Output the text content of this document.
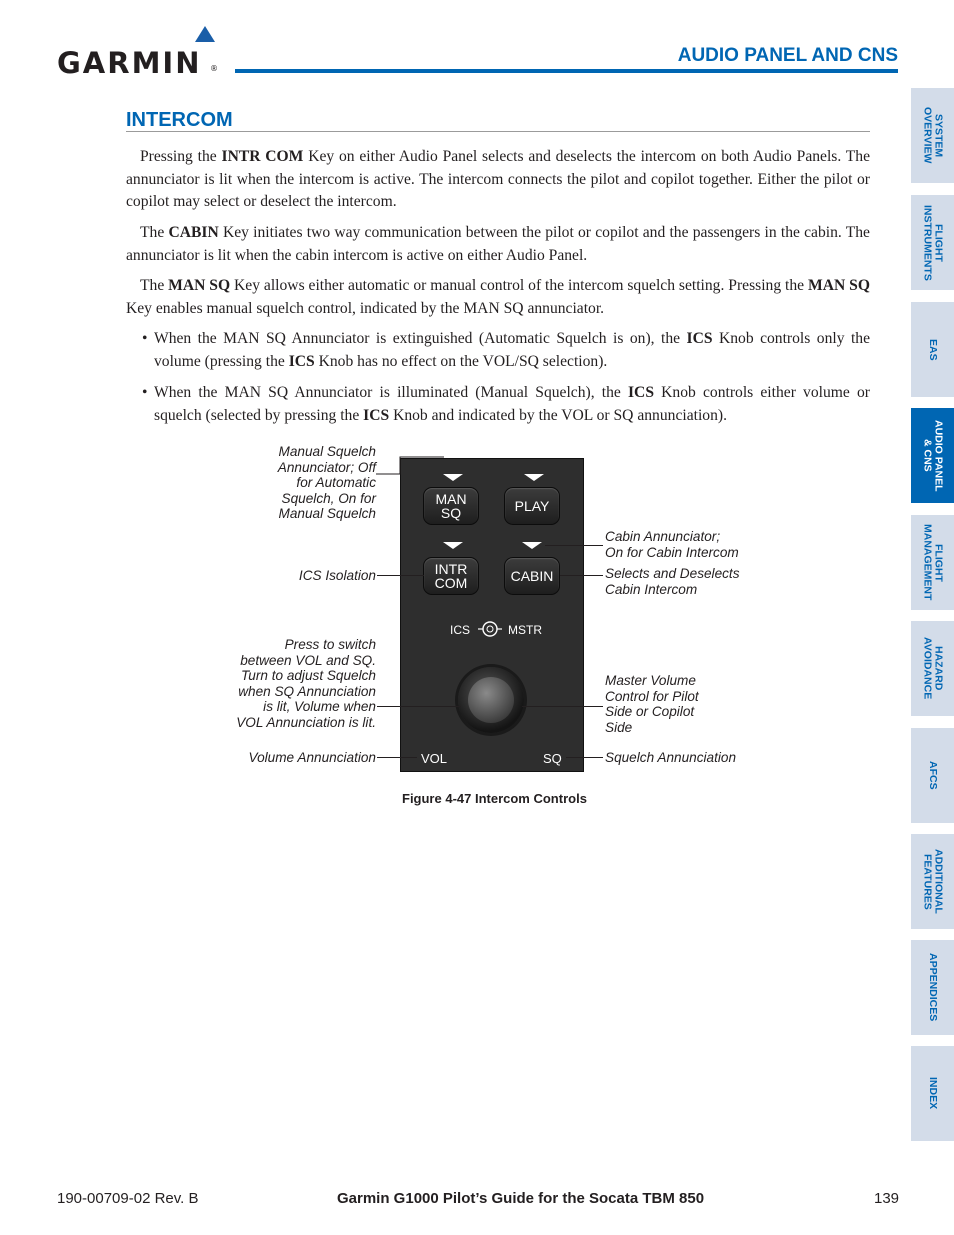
GARMIN ®
AUDIO PANEL AND CNS
INTERCOM
Pressing the INTR COM Key on either Audio Panel selects and deselects the intercom on both Audio Panels. The annunciator is lit when the intercom is active. The intercom connects the pilot and copilot together. Either the pilot or copilot may select or deselect the intercom.
The CABIN Key initiates two way communication between the pilot or copilot and the passengers in the cabin. The annunciator is lit when the cabin intercom is active on either Audio Panel.
The MAN SQ Key allows either automatic or manual control of the intercom squelch setting. Pressing the MAN SQ Key enables manual squelch control, indicated by the MAN SQ annunciator.
• When the MAN SQ Annunciator is extinguished (Automatic Squelch is on), the ICS Knob controls only the volume (pressing the ICS Knob has no effect on the VOL/SQ selection).
• When the MAN SQ Annunciator is illuminated (Manual Squelch), the ICS Knob controls either volume or squelch (selected by pressing the ICS Knob and indicated by the VOL or SQ annunciation).
MAN
SQ	PLAY
INTR
COM	CABIN
ICS	MSTR
VOL	SQ
Manual Squelch
Annunciator; Off
for Automatic
Squelch, On for
Manual Squelch
ICS Isolation
Press to switch
between VOL and SQ.
Turn to adjust Squelch
when SQ Annunciation
is lit, Volume when
VOL Annunciation is lit.
Volume Annunciation
Cabin Annunciator;
On for Cabin Intercom
Selects and Deselects
Cabin Intercom
Master Volume
Control for Pilot
Side or Copilot
Side
Squelch Annunciation
Figure 4-47 Intercom Controls
SYSTEM
OVERVIEW
FLIGHT
INSTRUMENTS
EAS
AUDIO PANEL
& CNS
FLIGHT
MANAGEMENT
HAZARD
AVOIDANCE
AFCS
ADDITIONAL
FEATURES
APPENDICES
INDEX
190-00709-02 Rev. B	Garmin G1000 Pilot’s Guide for the Socata TBM 850	139
